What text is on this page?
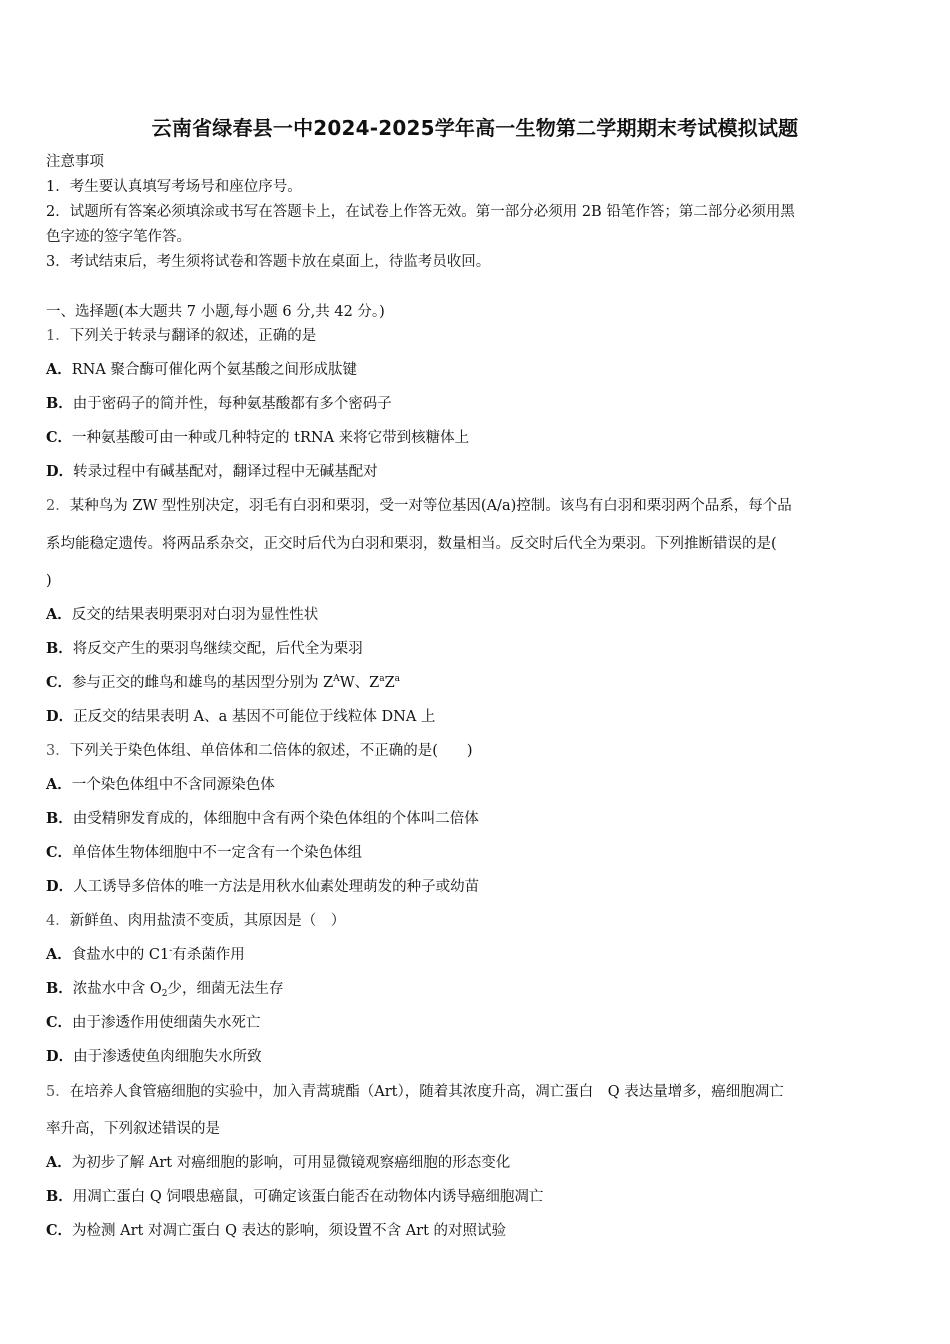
云南省绿春县一中2024-2025学年高一生物第二学期期末考试模拟试题
注意事项
1．考生要认真填写考场号和座位序号。
2．试题所有答案必须填涂或书写在答题卡上，在试卷上作答无效。第一部分必须用 2B 铅笔作答；第二部分必须用黑
色字迹的签字笔作答。
3．考试结束后，考生须将试卷和答题卡放在桌面上，待监考员收回。
一、选择题(本大题共 7 小题,每小题 6 分,共 42 分。)
1．下列关于转录与翻译的叙述，正确的是
A．RNA 聚合酶可催化两个氨基酸之间形成肽键
B．由于密码子的简并性，每种氨基酸都有多个密码子
C．一种氨基酸可由一种或几种特定的 tRNA 来将它带到核糖体上
D．转录过程中有碱基配对，翻译过程中无碱基配对
2．某种鸟为 ZW 型性别决定，羽毛有白羽和栗羽，受一对等位基因(A/a)控制。该鸟有白羽和栗羽两个品系，每个品
系均能稳定遗传。将两品系杂交，正交时后代为白羽和栗羽，数量相当。反交时后代全为栗羽。下列推断错误的是(
)
A．反交的结果表明栗羽对白羽为显性性状
B．将反交产生的栗羽鸟继续交配，后代全为栗羽
C．参与正交的雌鸟和雄鸟的基因型分别为 $Z^AW$、$Z^aZ^a$
D．正反交的结果表明 A、a 基因不可能位于线粒体 DNA 上
3．下列关于染色体组、单倍体和二倍体的叙述，不正确的是(　　)
A．一个染色体组中不含同源染色体
B．由受精卵发育成的，体细胞中含有两个染色体组的个体叫二倍体
C．单倍体生物体细胞中不一定含有一个染色体组
D．人工诱导多倍体的唯一方法是用秋水仙素处理萌发的种子或幼苗
4．新鲜鱼、肉用盐渍不变质，其原因是（　）
A．食盐水中的 C1-有杀菌作用
B．浓盐水中含 $O_2$少，细菌无法生存
C．由于渗透作用使细菌失水死亡
D．由于渗透使鱼肉细胞失水所致
5．在培养人食管癌细胞的实验中，加入青蒿琥酯（Art），随着其浓度升高，凋亡蛋白　Q 表达量增多，癌细胞凋亡
率升高，下列叙述错误的是
A．为初步了解 Art 对癌细胞的影响，可用显微镜观察癌细胞的形态变化
B．用凋亡蛋白 Q 饲喂患癌鼠，可确定该蛋白能否在动物体内诱导癌细胞凋亡
C．为检测 Art 对凋亡蛋白 Q 表达的影响，须设置不含 Art 的对照试验
